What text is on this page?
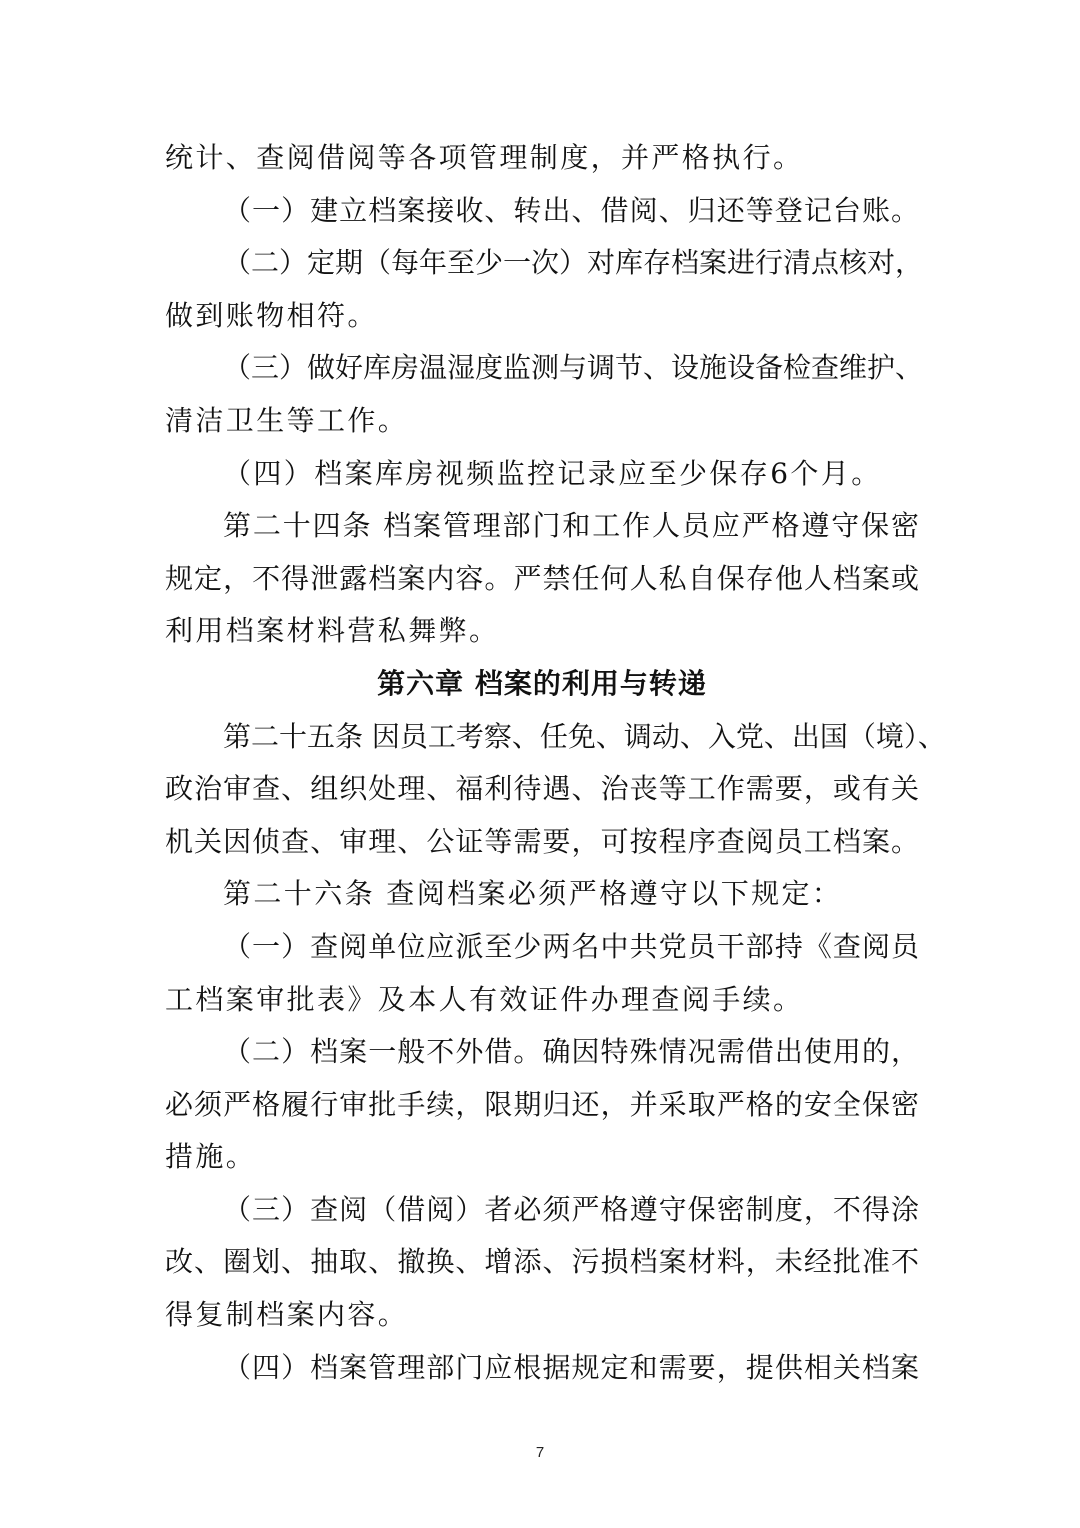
统计、查阅借阅等各项管理制度，并严格执行。
（一）建立档案接收、转出、借阅、归还等登记台账。
（二）定期（每年至少一次）对库存档案进行清点核对，
做到账物相符。
（三）做好库房温湿度监测与调节、设施设备检查维护、
清洁卫生等工作。
（四）档案库房视频监控记录应至少保存6个月。
第二十四条 档案管理部门和工作人员应严格遵守保密
规定，不得泄露档案内容。严禁任何人私自保存他人档案或
利用档案材料营私舞弊。
第六章 档案的利用与转递
第二十五条 因员工考察、任免、调动、入党、出国（境）、
政治审查、组织处理、福利待遇、治丧等工作需要，或有关
机关因侦查、审理、公证等需要，可按程序查阅员工档案。
第二十六条 查阅档案必须严格遵守以下规定：
（一）查阅单位应派至少两名中共党员干部持《查阅员
工档案审批表》及本人有效证件办理查阅手续。
（二）档案一般不外借。确因特殊情况需借出使用的，
必须严格履行审批手续，限期归还，并采取严格的安全保密
措施。
（三）查阅（借阅）者必须严格遵守保密制度，不得涂
改、圈划、抽取、撤换、增添、污损档案材料，未经批准不
得复制档案内容。
（四）档案管理部门应根据规定和需要，提供相关档案
7
